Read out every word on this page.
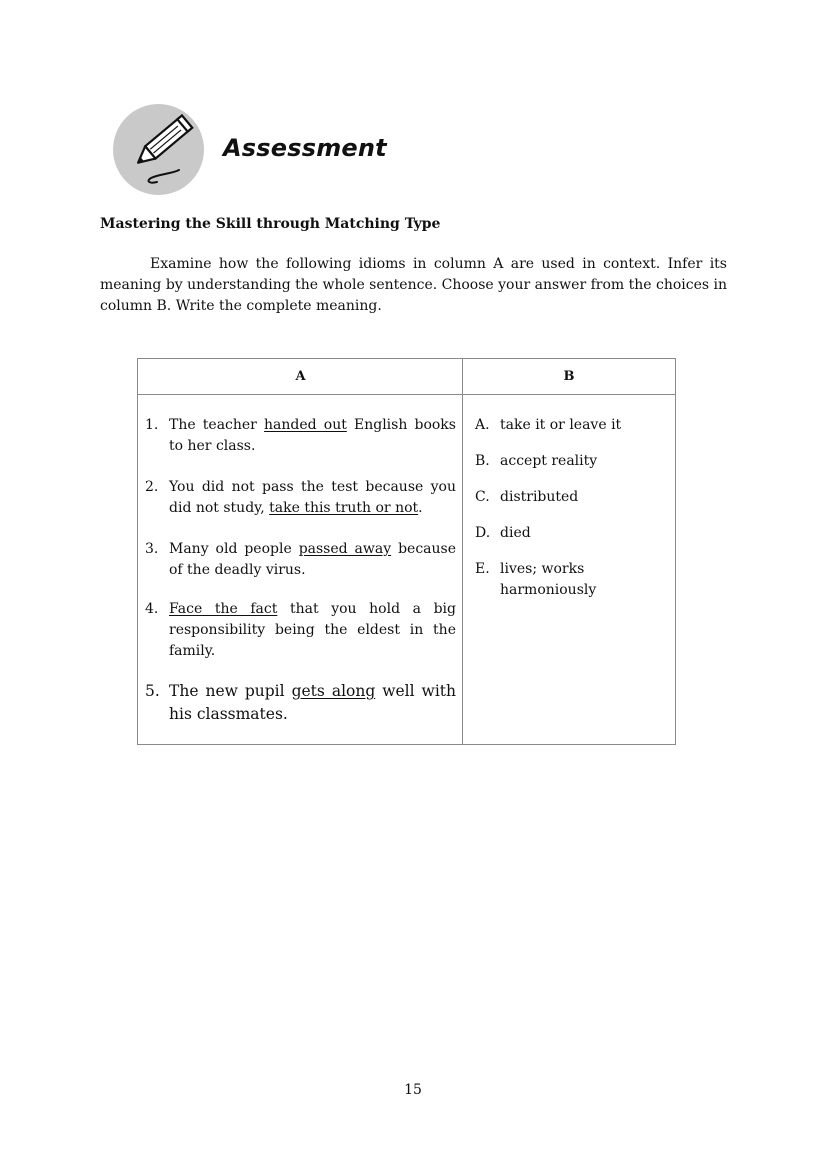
Assessment
Mastering the Skill through Matching Type

Examine how the following idioms in column A are used in context. Infer its meaning by understanding the whole sentence. Choose your answer from the choices in column B. Write the complete meaning.

A	B
1. The teacher handed out English books to her class.
2. You did not pass the test because you did not study, take this truth or not.
3. Many old people passed away because of the deadly virus.
4. Face the fact that you hold a big responsibility being the eldest in the family.
5. The new pupil gets along well with his classmates.
A. take it or leave it
B. accept reality
C. distributed
D. died
E. lives; works harmoniously
15
